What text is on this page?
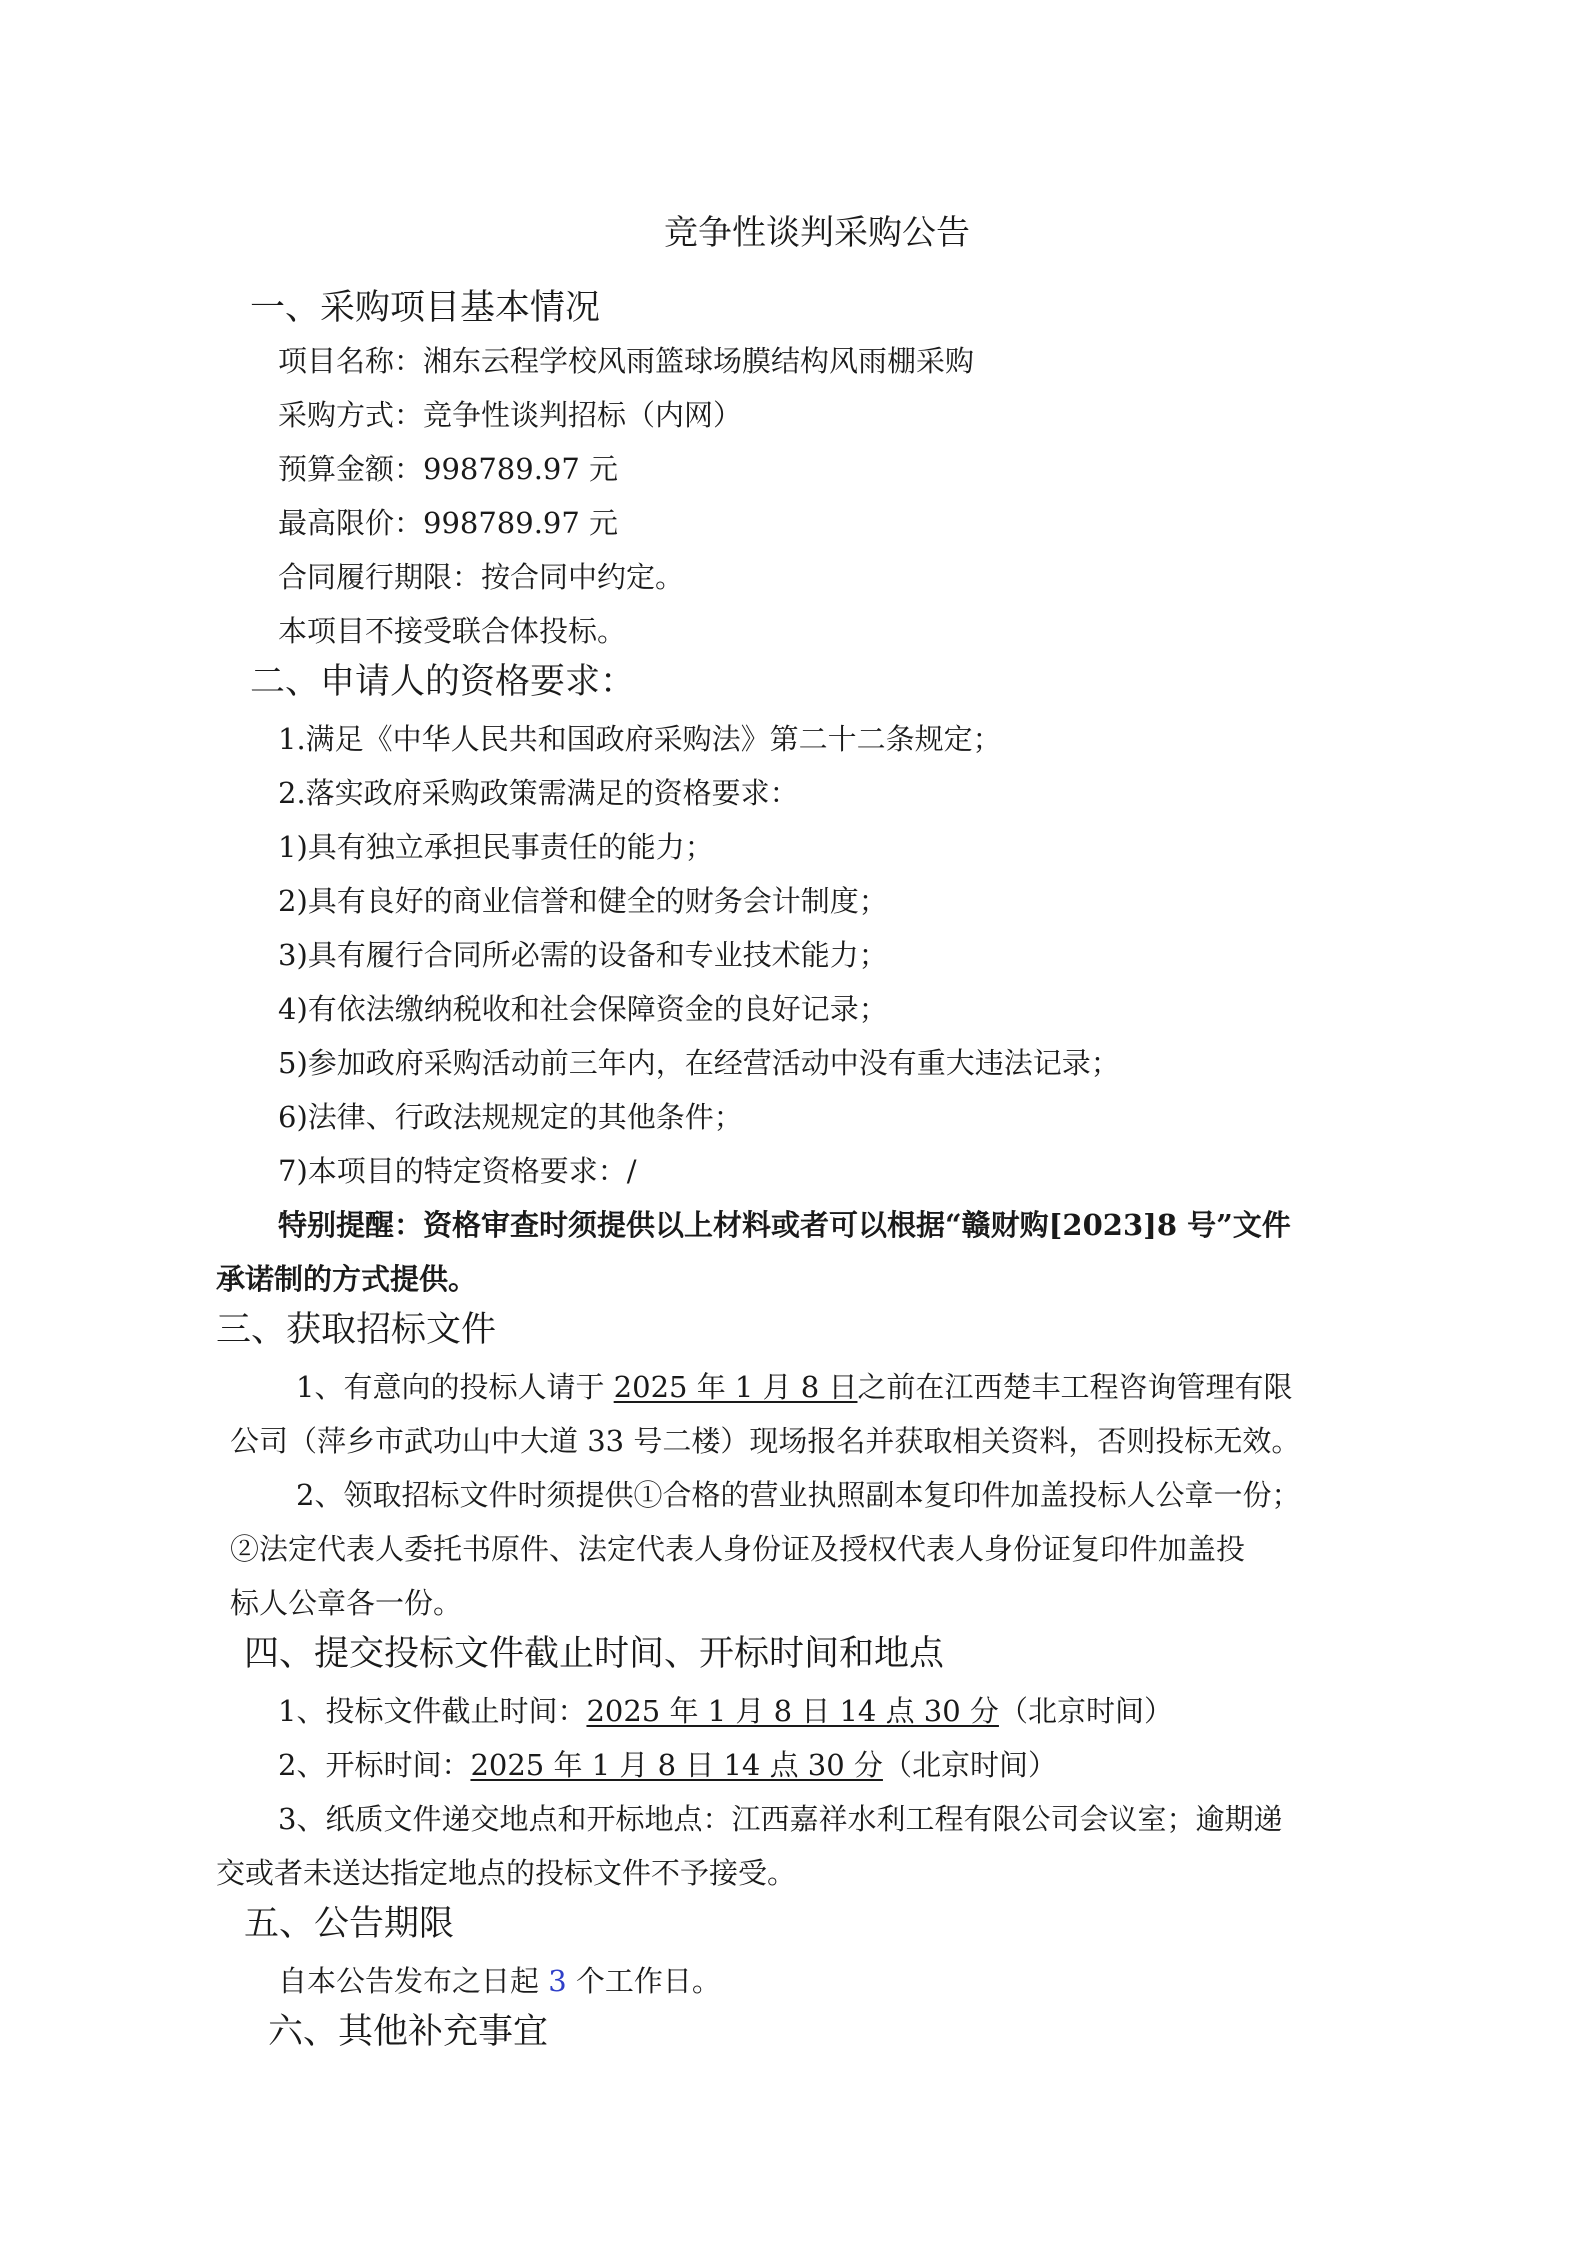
竞争性谈判采购公告
一、采购项目基本情况
项目名称：湘东云程学校风雨篮球场膜结构风雨棚采购
采购方式：竞争性谈判招标（内网）
预算金额：998789.97 元
最高限价：998789.97 元
合同履行期限：按合同中约定。
本项目不接受联合体投标。
二、申请人的资格要求：
1.满足《中华人民共和国政府采购法》第二十二条规定；
2.落实政府采购政策需满足的资格要求：
1)具有独立承担民事责任的能力；
2)具有良好的商业信誉和健全的财务会计制度；
3)具有履行合同所必需的设备和专业技术能力；
4)有依法缴纳税收和社会保障资金的良好记录；
5)参加政府采购活动前三年内，在经营活动中没有重大违法记录；
6)法律、行政法规规定的其他条件；
7)本项目的特定资格要求：/
特别提醒：资格审查时须提供以上材料或者可以根据“赣财购[2023]8 号”文件
承诺制的方式提供。
三、获取招标文件
1、有意向的投标人请于 2025 年 1 月 8 日之前在江西楚丰工程咨询管理有限
公司（萍乡市武功山中大道 33 号二楼）现场报名并获取相关资料，否则投标无效。
2、领取招标文件时须提供①合格的营业执照副本复印件加盖投标人公章一份；
②法定代表人委托书原件、法定代表人身份证及授权代表人身份证复印件加盖投
标人公章各一份。
四、提交投标文件截止时间、开标时间和地点
1、投标文件截止时间：2025 年 1 月 8 日 14 点 30 分（北京时间）
2、开标时间：2025 年 1 月 8 日 14 点 30 分（北京时间）
3、纸质文件递交地点和开标地点：江西嘉祥水利工程有限公司会议室；逾期递
交或者未送达指定地点的投标文件不予接受。
五、公告期限
自本公告发布之日起 3 个工作日。
六、其他补充事宜
